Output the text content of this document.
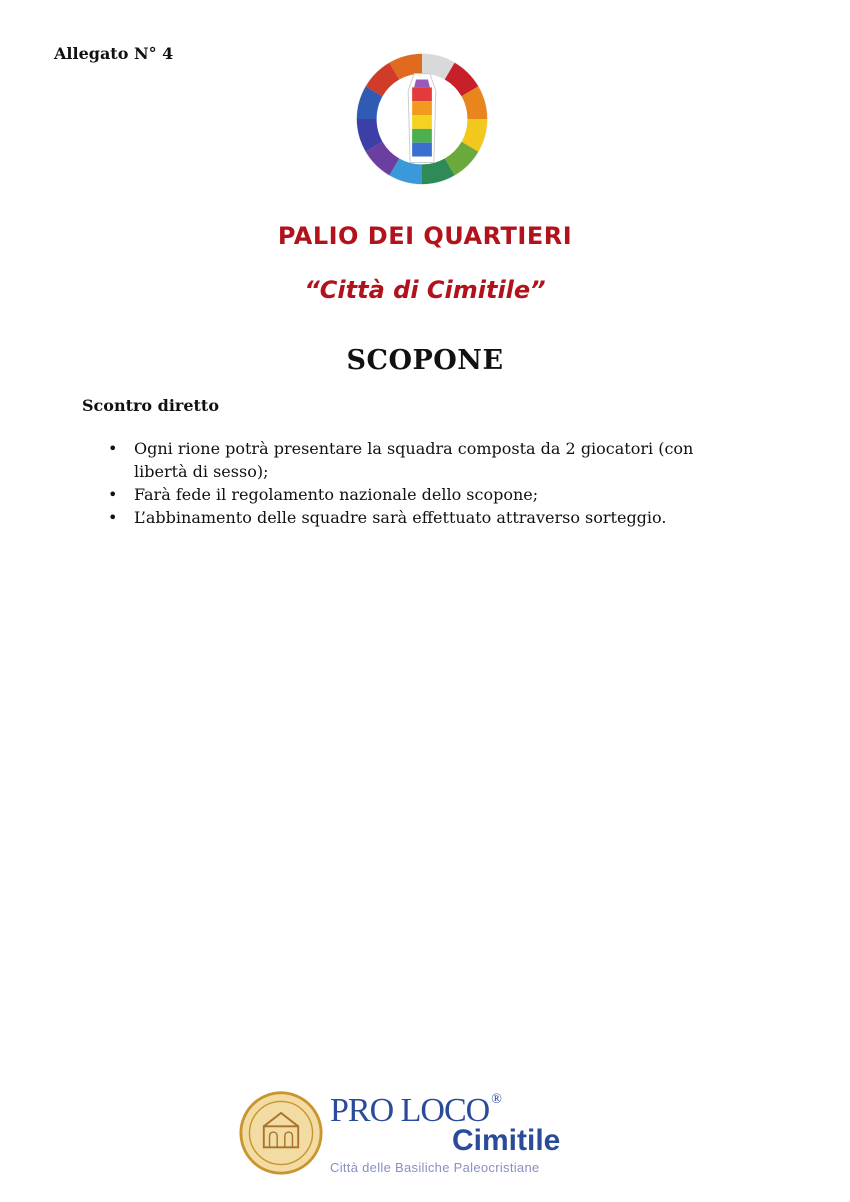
Allegato N° 4
PALIO DEI QUARTIERI
“Città di Cimitile”
SCOPONE
Scontro diretto
• Ogni rione potrà presentare la squadra composta da 2 giocatori (con libertà di sesso);
• Farà fede il regolamento nazionale dello scopone;
• L’abbinamento delle squadre sarà effettuato attraverso sorteggio.
PRO LOCO ®
Cimitile
Città delle Basiliche Paleocristiane
